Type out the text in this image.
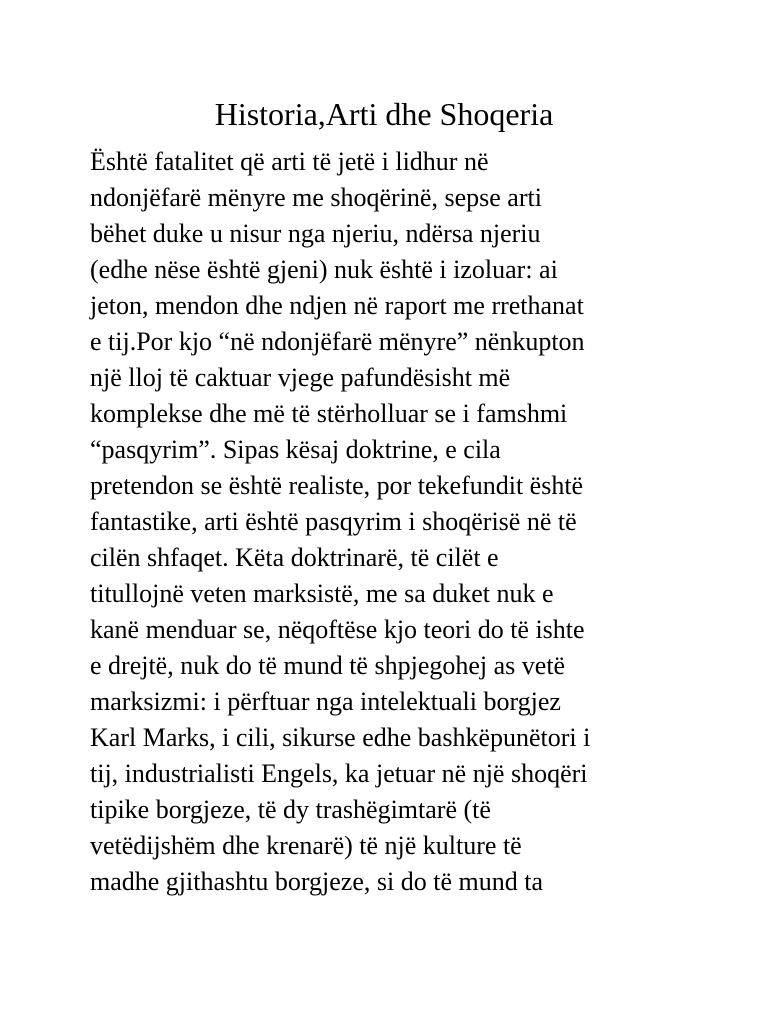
Historia,Arti dhe Shoqeria
Është fatalitet që arti të jetë i lidhur në
ndonjëfarë mënyre me shoqërinë, sepse arti
bëhet duke u nisur nga njeriu, ndërsa njeriu
(edhe nëse është gjeni) nuk është i izoluar: ai
jeton, mendon dhe ndjen në raport me rrethanat
e tij.Por kjo “në ndonjëfarë mënyre” nënkupton
një lloj të caktuar vjege pafundësisht më
komplekse dhe më të stërholluar se i famshmi
“pasqyrim”. Sipas kësaj doktrine, e cila
pretendon se është realiste, por tekefundit është
fantastike, arti është pasqyrim i shoqërisë në të
cilën shfaqet. Këta doktrinarë, të cilët e
titullojnë veten marksistë, me sa duket nuk e
kanë menduar se, nëqoftëse kjo teori do të ishte
e drejtë, nuk do të mund të shpjegohej as vetë
marksizmi: i përftuar nga intelektuali borgjez
Karl Marks, i cili, sikurse edhe bashkëpunëtori i
tij, industrialisti Engels, ka jetuar në një shoqëri
tipike borgjeze, të dy trashëgimtarë (të
vetëdijshëm dhe krenarë) të një kulture të
madhe gjithashtu borgjeze, si do të mund ta
